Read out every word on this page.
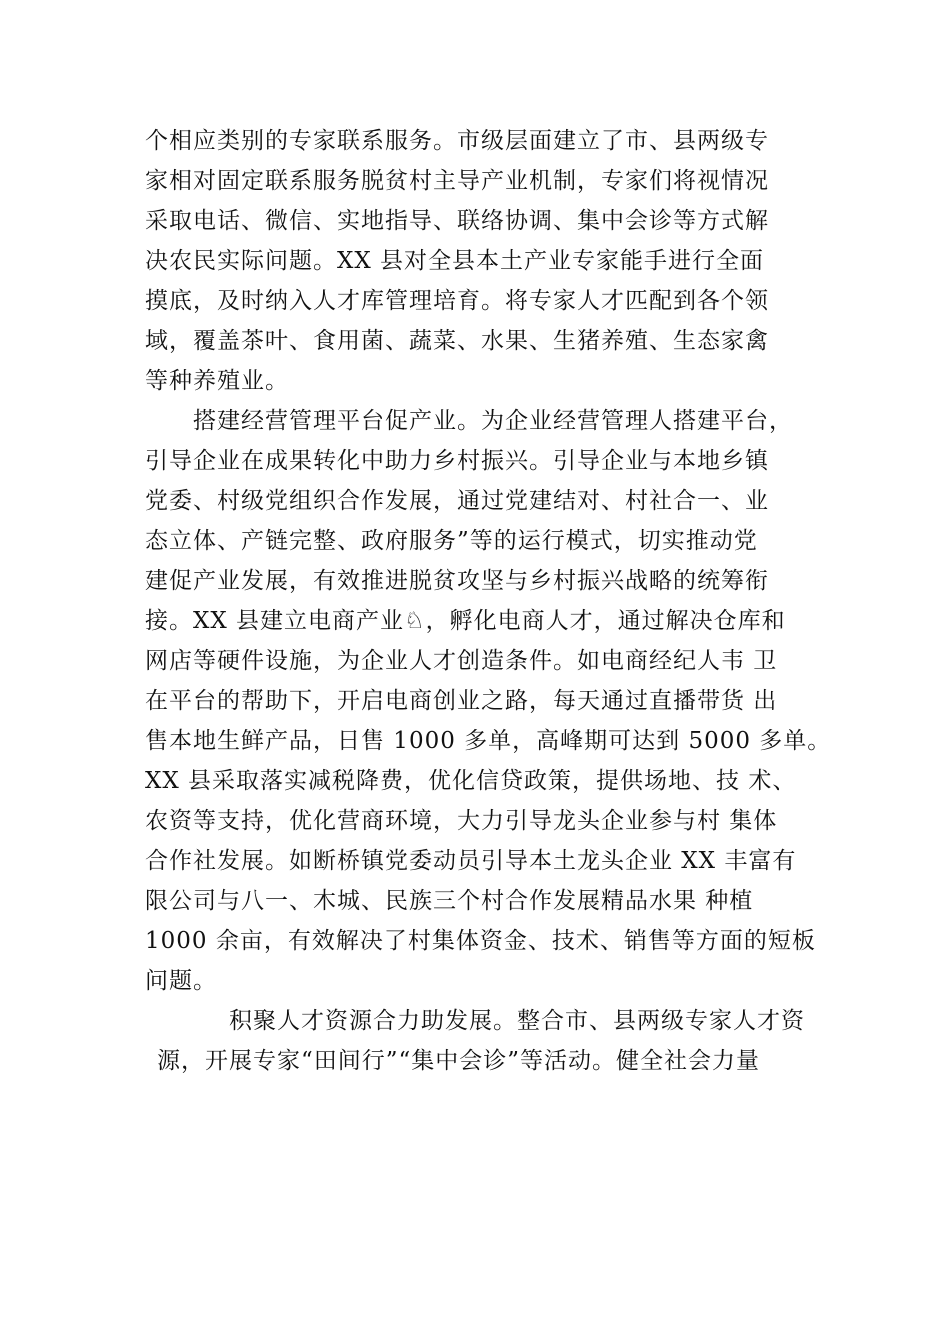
个相应类别的专家联系服务。市级层面建立了市、县两级专
家相对固定联系服务脱贫村主导产业机制，专家们将视情况
采取电话、微信、实地指导、联络协调、集中会诊等方式解
决农民实际问题。XX 县对全县本土产业专家能手进行全面
摸底，及时纳入人才库管理培育。将专家人才匹配到各个领
域，覆盖茶叶、食用菌、蔬菜、水果、生猪养殖、生态家禽
等种养殖业。
搭建经营管理平台促产业。为企业经营管理人搭建平台，
引导企业在成果转化中助力乡村振兴。引导企业与本地乡镇
党委、村级党组织合作发展，通过党建结对、村社合一、业
态立体、产链完整、政府服务”等的运行模式，切实推动党
建促产业发展，有效推进脱贫攻坚与乡村振兴战略的统筹衔
接。XX 县建立电商产业♘，孵化电商人才，通过解决仓库和
网店等硬件设施，为企业人才创造条件。如电商经纪人韦 卫
在平台的帮助下，开启电商创业之路，每天通过直播带货 出
售本地生鲜产品，日售 1000 多单，高峰期可达到 5000 多单。
XX 县采取落实减税降费，优化信贷政策，提供场地、技 术、
农资等支持，优化营商环境，大力引导龙头企业参与村 集体
合作社发展。如断桥镇党委动员引导本土龙头企业 XX 丰富有
限公司与八一、木城、民族三个村合作发展精品水果 种植
1000 余亩，有效解决了村集体资金、技术、销售等方面的短板
问题。
积聚人才资源合力助发展。整合市、县两级专家人才资
源，开展专家“田间行”“集中会诊”等活动。健全社会力量
